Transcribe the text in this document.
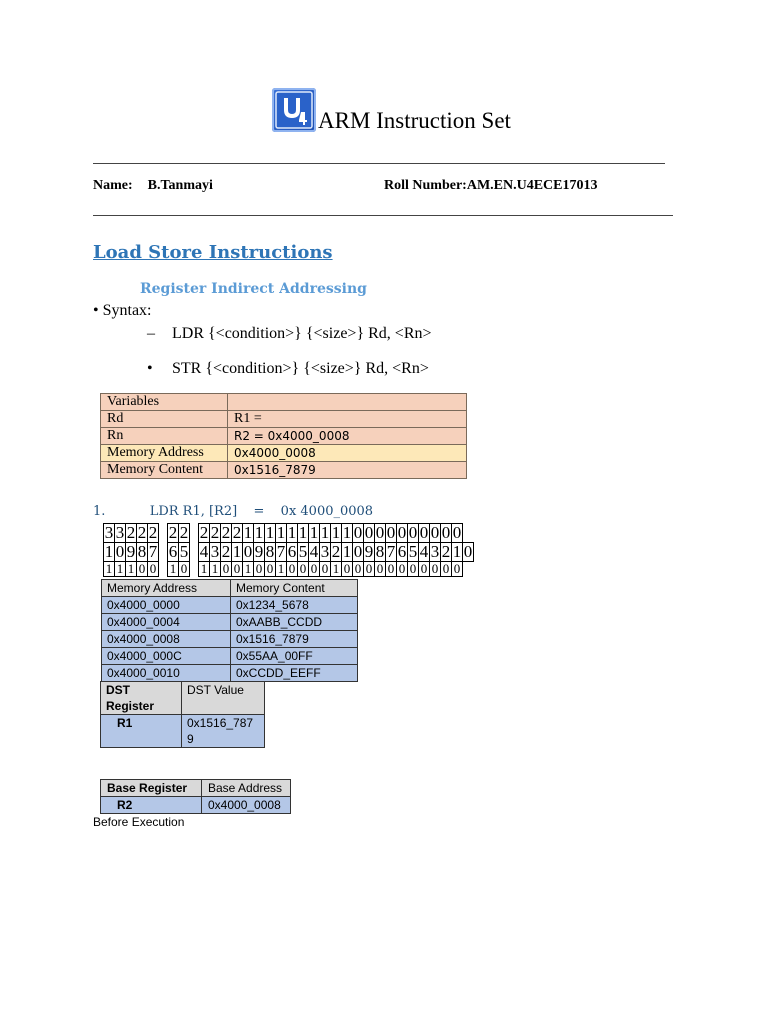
ARM Instruction Set
Name: B.Tanmayi	Roll Number:AM.EN.U4ECE17013
Load Store Instructions
Register Indirect Addressing
• Syntax:
– LDR {<condition>} {<size>} Rd, <Rn>
• STR {<condition>} {<size>} Rd, <Rn>
Variables	
Rd	R1 =
Rn	R2 = 0x4000_0008
Memory Address	0x4000_0008
Memory Content	0x1516_7879
1.	LDR R1, [R2] = 0x 4000_0008
3	3	2	2	2		2	2		2	2	2	2	1	1	1	1	1	1	1	1	1	1	0	0	0	0	0	0	0	0	0	0	
1	0	9	8	7		6	5		4	3	2	1	0	9	8	7	6	5	4	3	2	1	0	9	8	7	6	5	4	3	2	1	0
1	1	1	0	0		1	0		1	1	0	0	1	0	0	1	0	0	0	0	1	0	0	0	0	0	0	0	0	0	0	0	
Memory Address	Memory Content
0x4000_0000	0x1234_5678
0x4000_0004	0xAABB_CCDD
0x4000_0008	0x1516_7879
0x4000_000C	0x55AA_00FF
0x4000_0010	0xCCDD_EEFF
DST Register	DST Value
R1	0x1516_7879
Base Register	Base Address
R2	0x4000_0008
Before Execution
